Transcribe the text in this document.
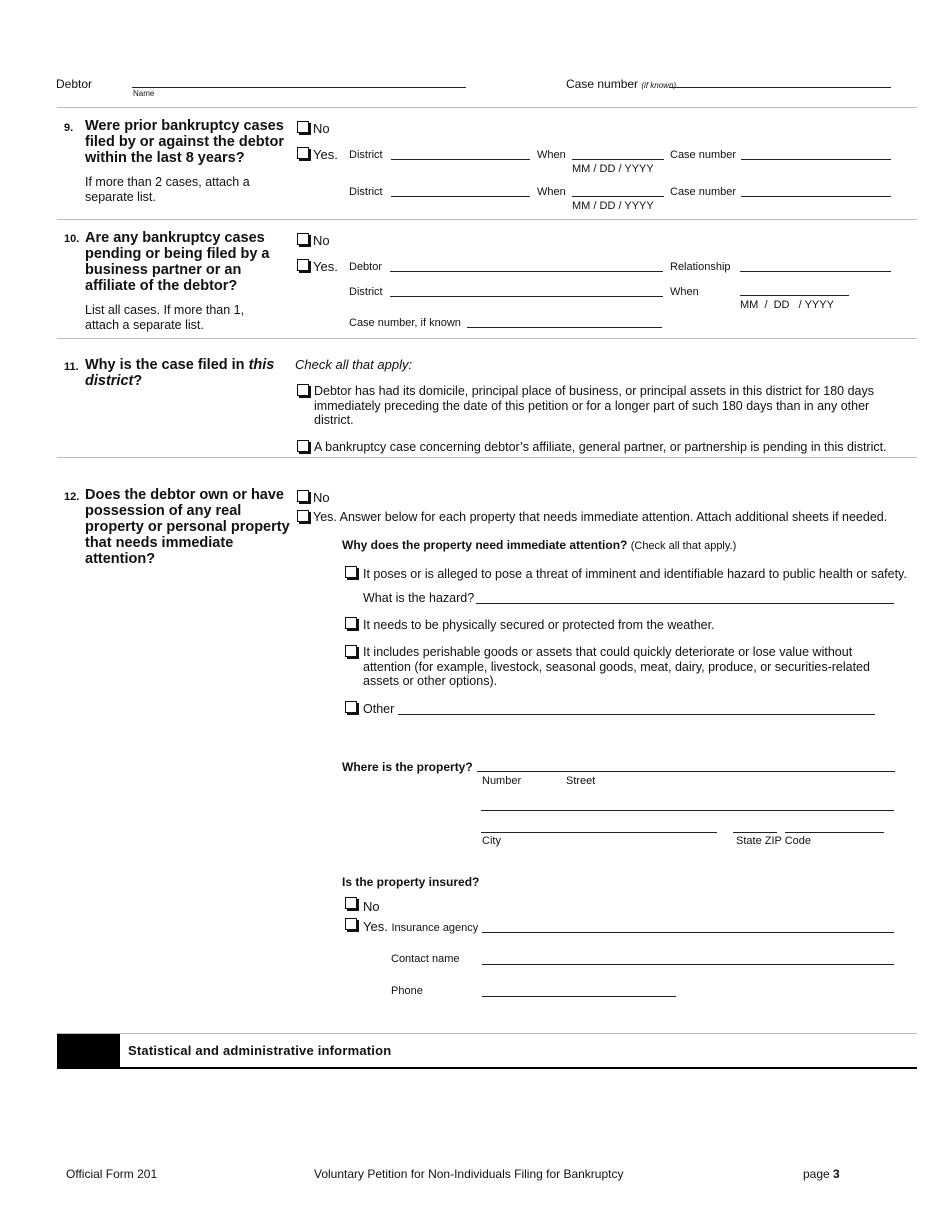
Debtor
Name
Case number (if known)
9. Were prior bankruptcy cases filed by or against the debtor within the last 8 years?
If more than 2 cases, attach a separate list.
No
Yes. District	When
MM / DD / YYYY
Case number
District	When
MM / DD / YYYY
Case number
10. Are any bankruptcy cases pending or being filed by a business partner or an affiliate of the debtor?
List all cases. If more than 1, attach a separate list.
No
Yes. Debtor	Relationship
District	When
MM  /  DD   / YYYY
Case number, if known
11. Why is the case filed in this district?
Check all that apply:
Debtor has had its domicile, principal place of business, or principal assets in this district for 180 days immediately preceding the date of this petition or for a longer part of such 180 days than in any other district.
A bankruptcy case concerning debtor’s affiliate, general partner, or partnership is pending in this district.
12. Does the debtor own or have possession of any real property or personal property that needs immediate attention?
No
Yes. Answer below for each property that needs immediate attention. Attach additional sheets if needed.
Why does the property need immediate attention? (Check all that apply.)
It poses or is alleged to pose a threat of imminent and identifiable hazard to public health or safety.
What is the hazard?
It needs to be physically secured or protected from the weather.
It includes perishable goods or assets that could quickly deteriorate or lose value without attention (for example, livestock, seasonal goods, meat, dairy, produce, or securities-related assets or other options).
Other
Where is the property?
Number	Street
City	State ZIP Code
Is the property insured?
No
Yes. Insurance agency
Contact name
Phone
Statistical and administrative information
Official Form 201	Voluntary Petition for Non-Individuals Filing for Bankruptcy	page 3
